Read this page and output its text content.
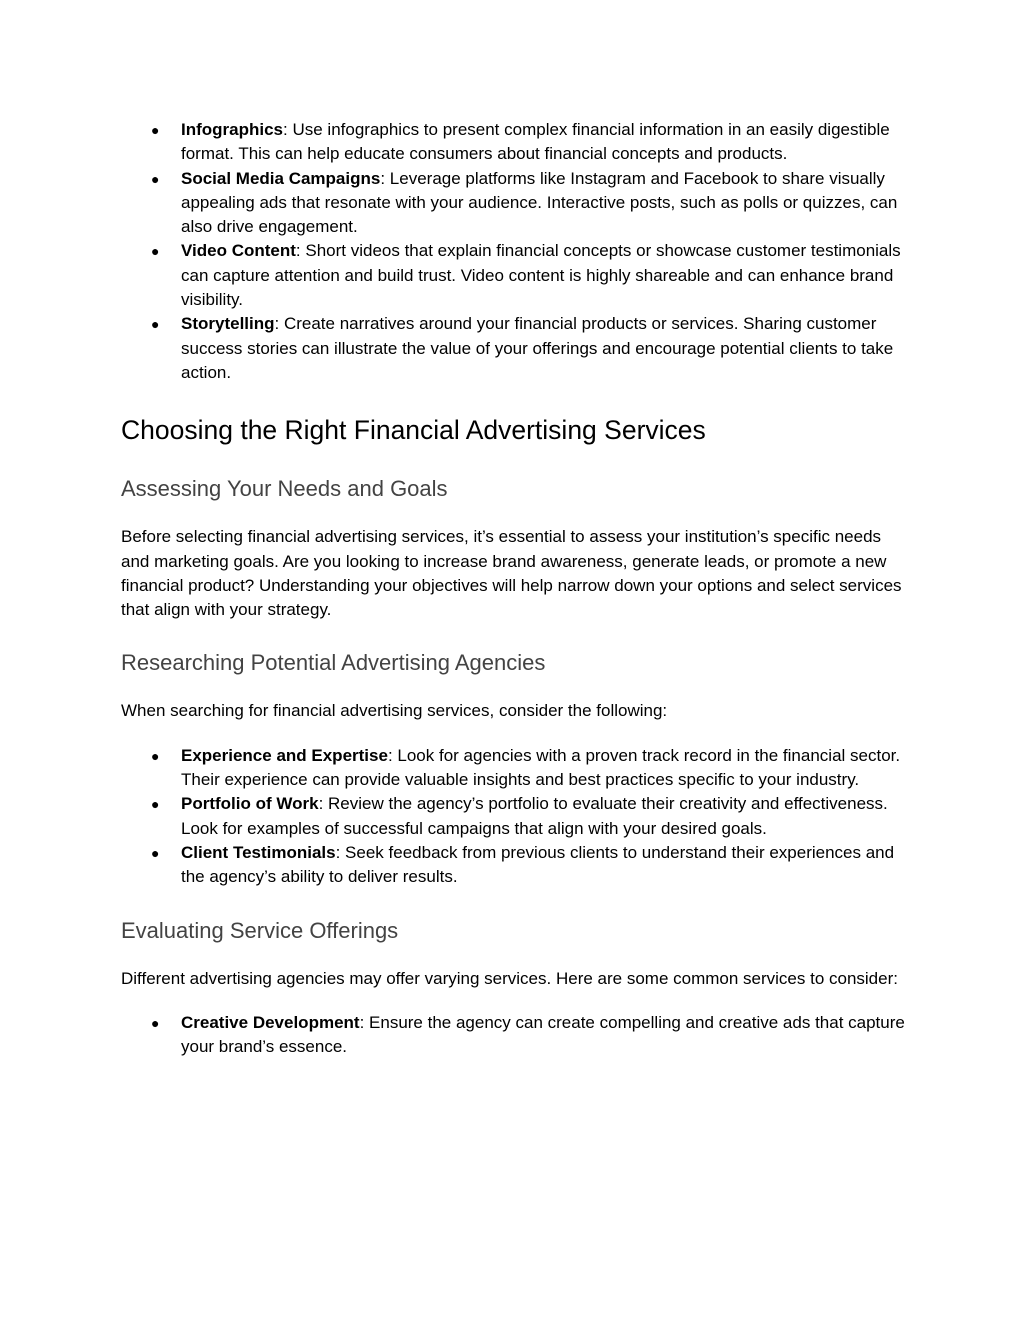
● Infographics: Use infographics to present complex financial information in an easily digestible format. This can help educate consumers about financial concepts and products.
● Social Media Campaigns: Leverage platforms like Instagram and Facebook to share visually appealing ads that resonate with your audience. Interactive posts, such as polls or quizzes, can also drive engagement.
● Video Content: Short videos that explain financial concepts or showcase customer testimonials can capture attention and build trust. Video content is highly shareable and can enhance brand visibility.
● Storytelling: Create narratives around your financial products or services. Sharing customer success stories can illustrate the value of your offerings and encourage potential clients to take action.
Choosing the Right Financial Advertising Services
Assessing Your Needs and Goals

Before selecting financial advertising services, it’s essential to assess your institution’s specific needs and marketing goals. Are you looking to increase brand awareness, generate leads, or promote a new financial product? Understanding your objectives will help narrow down your options and select services that align with your strategy.

Researching Potential Advertising Agencies

When searching for financial advertising services, consider the following:

● Experience and Expertise: Look for agencies with a proven track record in the financial sector. Their experience can provide valuable insights and best practices specific to your industry.
● Portfolio of Work: Review the agency’s portfolio to evaluate their creativity and effectiveness. Look for examples of successful campaigns that align with your desired goals.
● Client Testimonials: Seek feedback from previous clients to understand their experiences and the agency’s ability to deliver results.
Evaluating Service Offerings

Different advertising agencies may offer varying services. Here are some common services to consider:

● Creative Development: Ensure the agency can create compelling and creative ads that capture your brand’s essence.
